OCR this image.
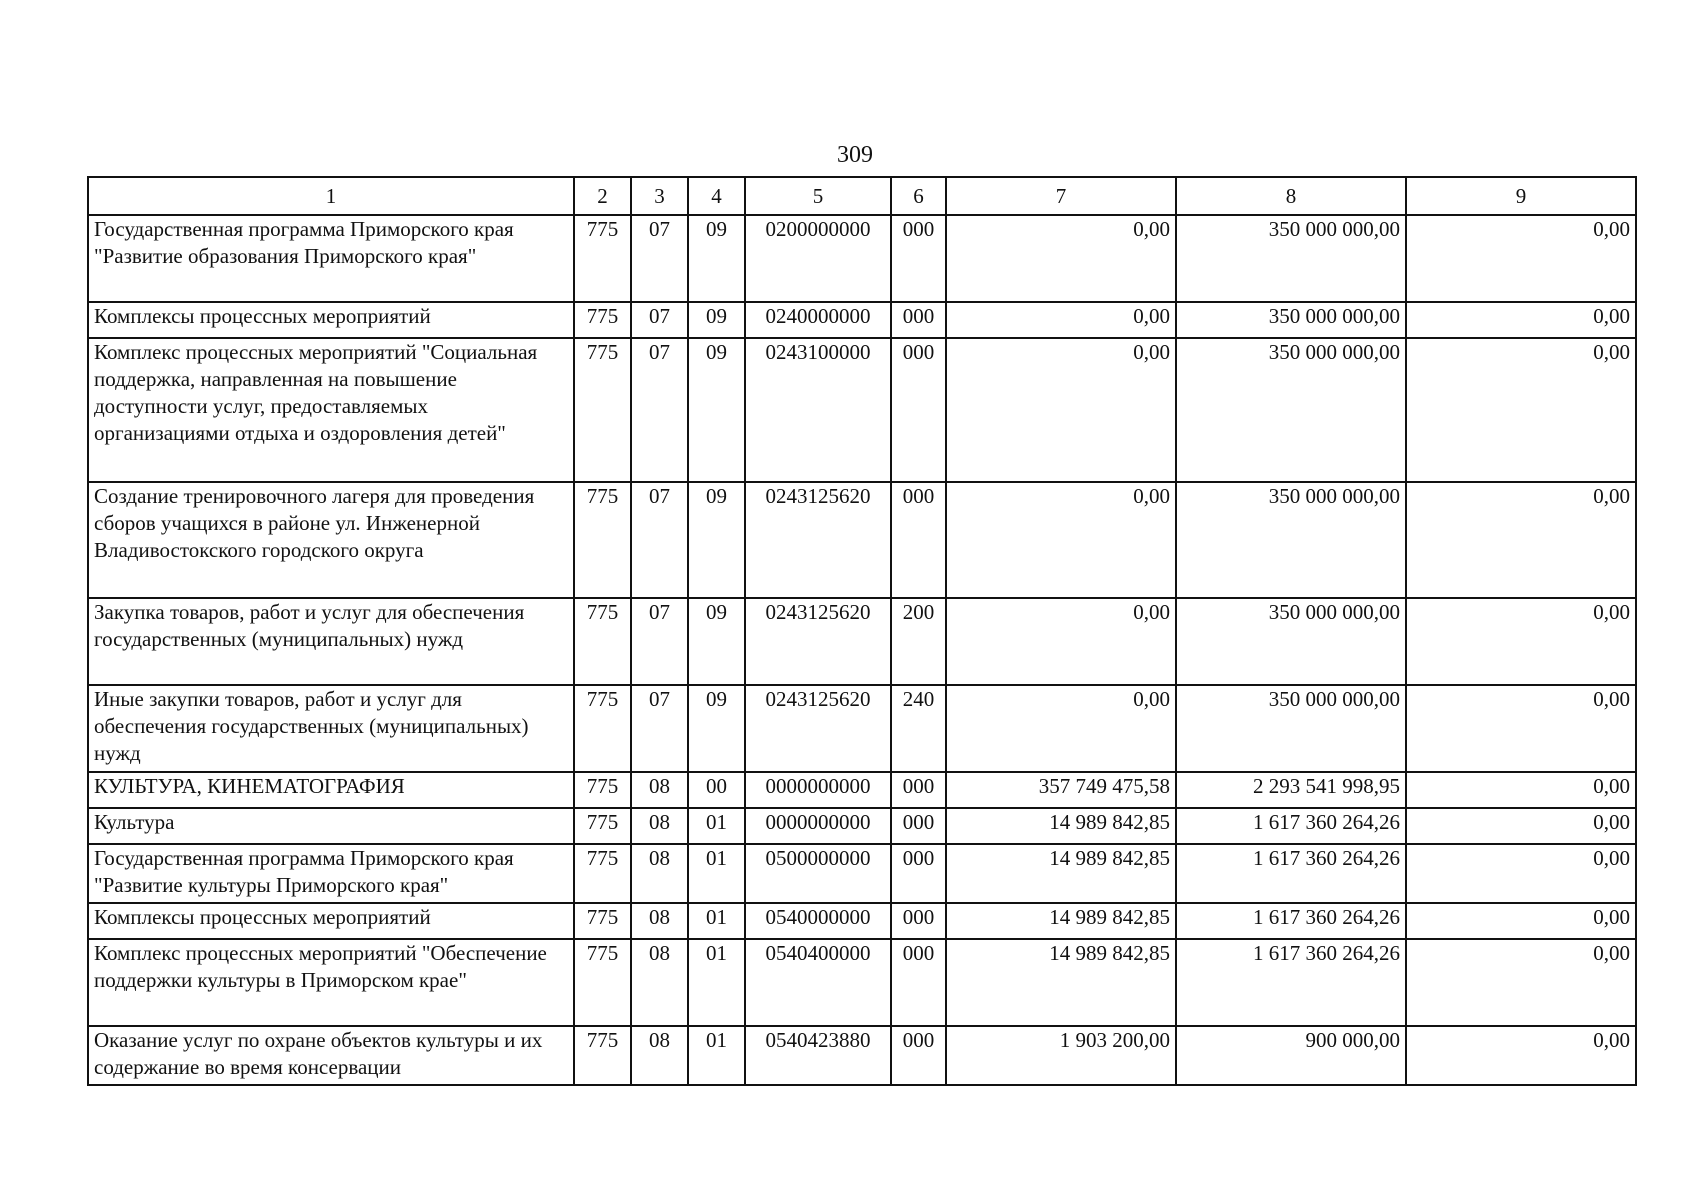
309
1	2	3	4	5	6	7	8	9
Государственная программа Приморского края "Развитие образования Приморского края"	775	07	09	0200000000	000	0,00	350 000 000,00	0,00
Комплексы процессных мероприятий	775	07	09	0240000000	000	0,00	350 000 000,00	0,00
Комплекс процессных мероприятий "Социальная поддержка, направленная на повышение доступности услуг, предоставляемых организациями отдыха и оздоровления детей"	775	07	09	0243100000	000	0,00	350 000 000,00	0,00
Создание тренировочного лагеря для проведения сборов учащихся в районе ул. Инженерной Владивостокского городского округа	775	07	09	0243125620	000	0,00	350 000 000,00	0,00
Закупка товаров, работ и услуг для обеспечения государственных (муниципальных) нужд	775	07	09	0243125620	200	0,00	350 000 000,00	0,00
Иные закупки товаров, работ и услуг для обеспечения государственных (муниципальных) нужд	775	07	09	0243125620	240	0,00	350 000 000,00	0,00
КУЛЬТУРА, КИНЕМАТОГРАФИЯ	775	08	00	0000000000	000	357 749 475,58	2 293 541 998,95	0,00
Культура	775	08	01	0000000000	000	14 989 842,85	1 617 360 264,26	0,00
Государственная программа Приморского края "Развитие культуры Приморского края"	775	08	01	0500000000	000	14 989 842,85	1 617 360 264,26	0,00
Комплексы процессных мероприятий	775	08	01	0540000000	000	14 989 842,85	1 617 360 264,26	0,00
Комплекс процессных мероприятий "Обеспечение поддержки культуры в Приморском крае"	775	08	01	0540400000	000	14 989 842,85	1 617 360 264,26	0,00
Оказание услуг по охране объектов культуры и их содержание во время консервации	775	08	01	0540423880	000	1 903 200,00	900 000,00	0,00
